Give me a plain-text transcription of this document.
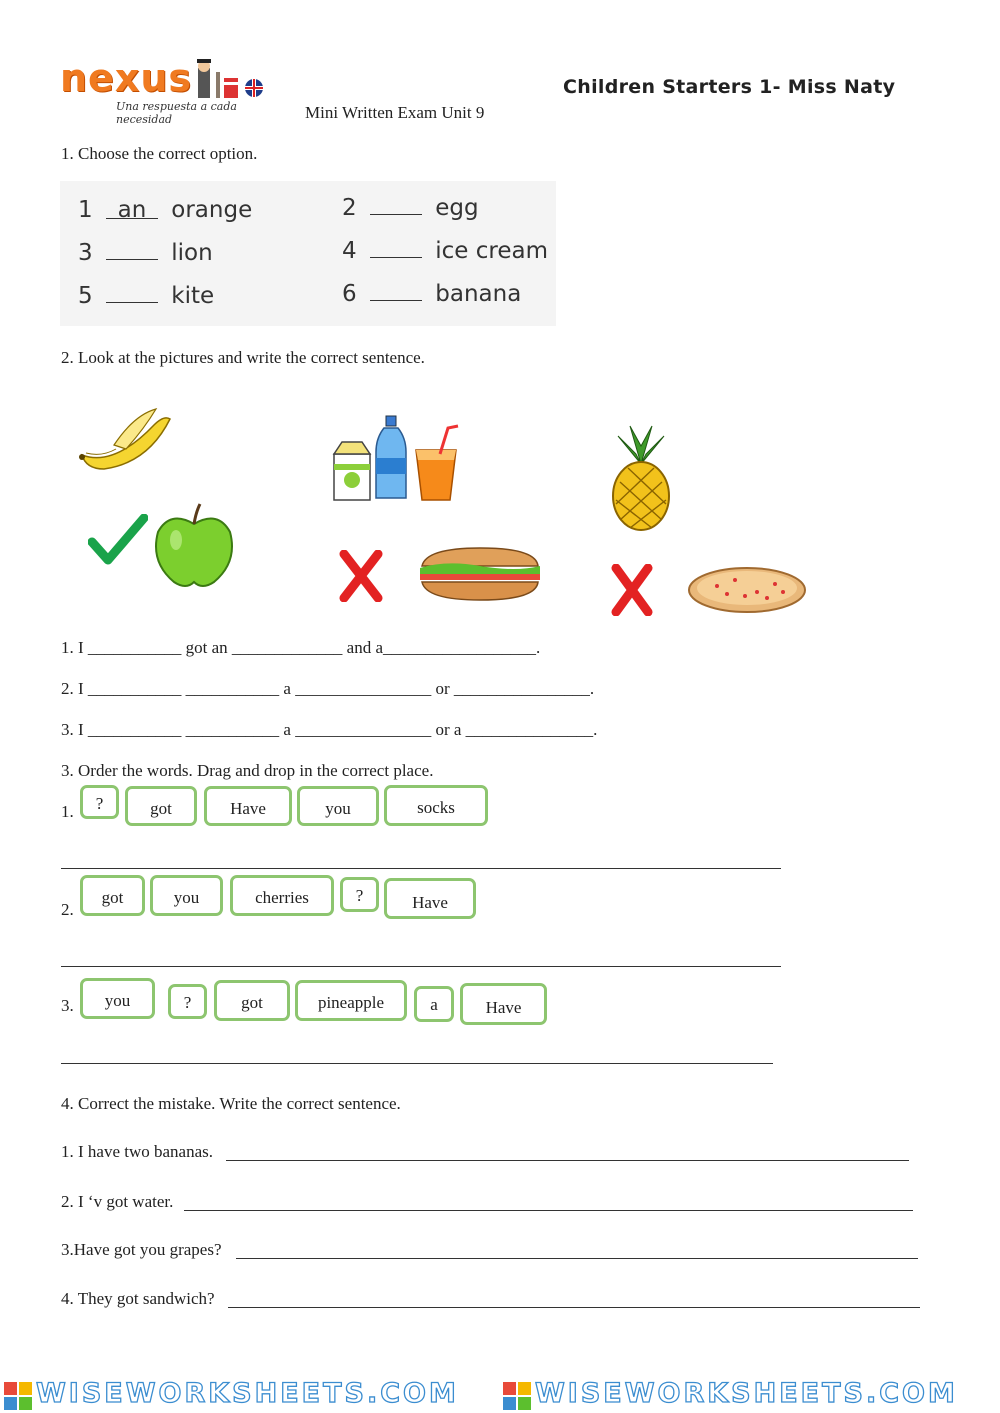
nexus
Una respuesta a cada necesidad
Children Starters 1- Miss Naty
Mini Written Exam Unit 9
1. Choose the correct option.
1 an orange	2	egg
3	lion	4	ice cream
5	kite	6	banana
2. Look at the pictures and write the correct sentence.
1. I ___________ got an _____________ and a__________________.
2. I ___________ ___________ a ________________ or ________________.
3. I ___________ ___________ a ________________ or a _______________.
3. Order the words. Drag and drop in the correct place.
1.	?	got	Have	you	socks
2.
got	you	cherries	?	Have
3.	you	?	got	pineapple	a	Have
4. Correct the mistake. Write the correct sentence.
1. I have two bananas.
2. I ‘v got water.
3.Have got you grapes?
4. They got sandwich?
WISEWORKSHEETS.COM	WISEWORKSHEETS.COM
